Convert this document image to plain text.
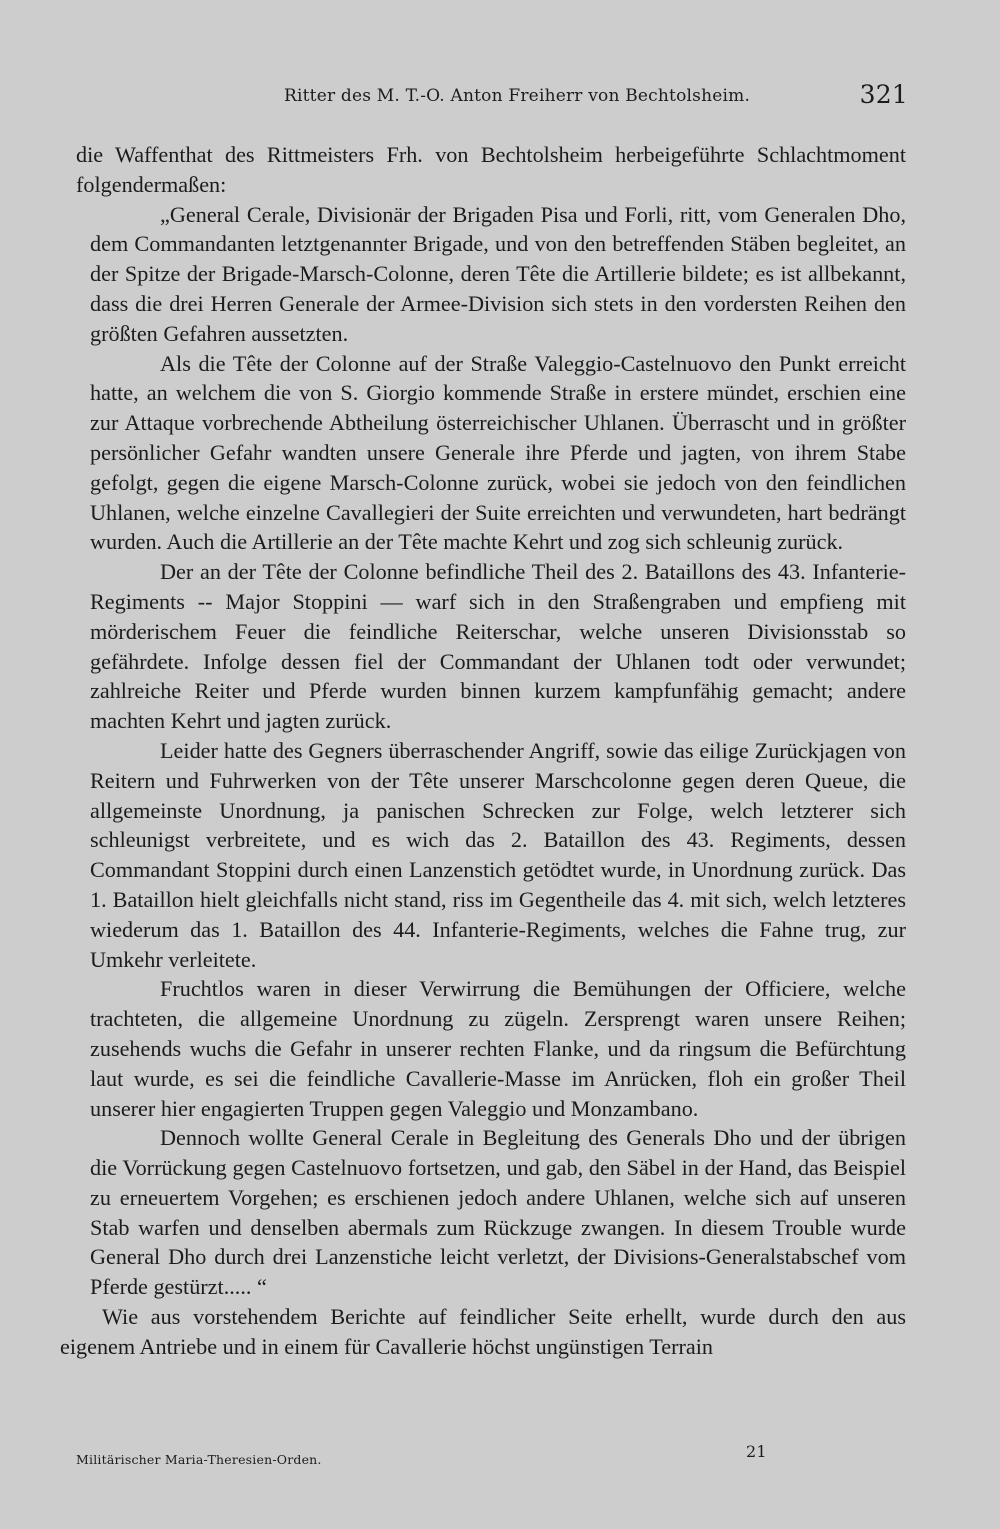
Ritter des M. T.-O. Anton Freiherr von Bechtolsheim.	321

die Waffenthat des Rittmeisters Frh. von Bechtolsheim herbeigeführte Schlachtmoment folgendermaßen:

„General Cerale, Divisionär der Brigaden Pisa und Forli, ritt, vom Generalen Dho, dem Commandanten letztgenannter Brigade, und von den betreffenden Stäben begleitet, an der Spitze der Brigade-Marsch-Colonne, deren Tête die Artillerie bildete; es ist allbekannt, dass die drei Herren Generale der Armee-Division sich stets in den vordersten Reihen den größten Gefahren aussetzten.

Als die Tête der Colonne auf der Straße Valeggio-Castelnuovo den Punkt erreicht hatte, an welchem die von S. Giorgio kommende Straße in erstere mündet, erschien eine zur Attaque vorbrechende Abtheilung österreichischer Uhlanen. Überrascht und in größter persönlicher Gefahr wandten unsere Generale ihre Pferde und jagten, von ihrem Stabe gefolgt, gegen die eigene Marsch-Colonne zurück, wobei sie jedoch von den feindlichen Uhlanen, welche einzelne Cavallegieri der Suite erreichten und verwundeten, hart bedrängt wurden. Auch die Artillerie an der Tête machte Kehrt und zog sich schleunig zurück.

Der an der Tête der Colonne befindliche Theil des 2. Bataillons des 43. Infanterie-Regiments -- Major Stoppini — warf sich in den Straßengraben und empfieng mit mörderischem Feuer die feindliche Reiterschar, welche unseren Divisionsstab so gefährdete. Infolge dessen fiel der Commandant der Uhlanen todt oder verwundet; zahlreiche Reiter und Pferde wurden binnen kurzem kampfunfähig gemacht; andere machten Kehrt und jagten zurück.

Leider hatte des Gegners überraschender Angriff, sowie das eilige Zurückjagen von Reitern und Fuhrwerken von der Tête unserer Marschcolonne gegen deren Queue, die allgemeinste Unordnung, ja panischen Schrecken zur Folge, welch letzterer sich schleunigst verbreitete, und es wich das 2. Bataillon des 43. Regiments, dessen Commandant Stoppini durch einen Lanzenstich getödtet wurde, in Unordnung zurück. Das 1. Bataillon hielt gleichfalls nicht stand, riss im Gegentheile das 4. mit sich, welch letzteres wiederum das 1. Bataillon des 44. Infanterie-Regiments, welches die Fahne trug, zur Umkehr verleitete.

Fruchtlos waren in dieser Verwirrung die Bemühungen der Officiere, welche trachteten, die allgemeine Unordnung zu zügeln. Zersprengt waren unsere Reihen; zusehends wuchs die Gefahr in unserer rechten Flanke, und da ringsum die Befürchtung laut wurde, es sei die feindliche Cavallerie-Masse im Anrücken, floh ein großer Theil unserer hier engagierten Truppen gegen Valeggio und Monzambano.

Dennoch wollte General Cerale in Begleitung des Generals Dho und der übrigen die Vorrückung gegen Castelnuovo fortsetzen, und gab, den Säbel in der Hand, das Beispiel zu erneuertem Vorgehen; es erschienen jedoch andere Uhlanen, welche sich auf unseren Stab warfen und denselben abermals zum Rückzuge zwangen. In diesem Trouble wurde General Dho durch drei Lanzenstiche leicht verletzt, der Divisions-Generalstabschef vom Pferde gestürzt..... “

Wie aus vorstehendem Berichte auf feindlicher Seite erhellt, wurde durch den aus eigenem Antriebe und in einem für Cavallerie höchst ungünstigen Terrain

Militärischer Maria-Theresien-Orden.	21
